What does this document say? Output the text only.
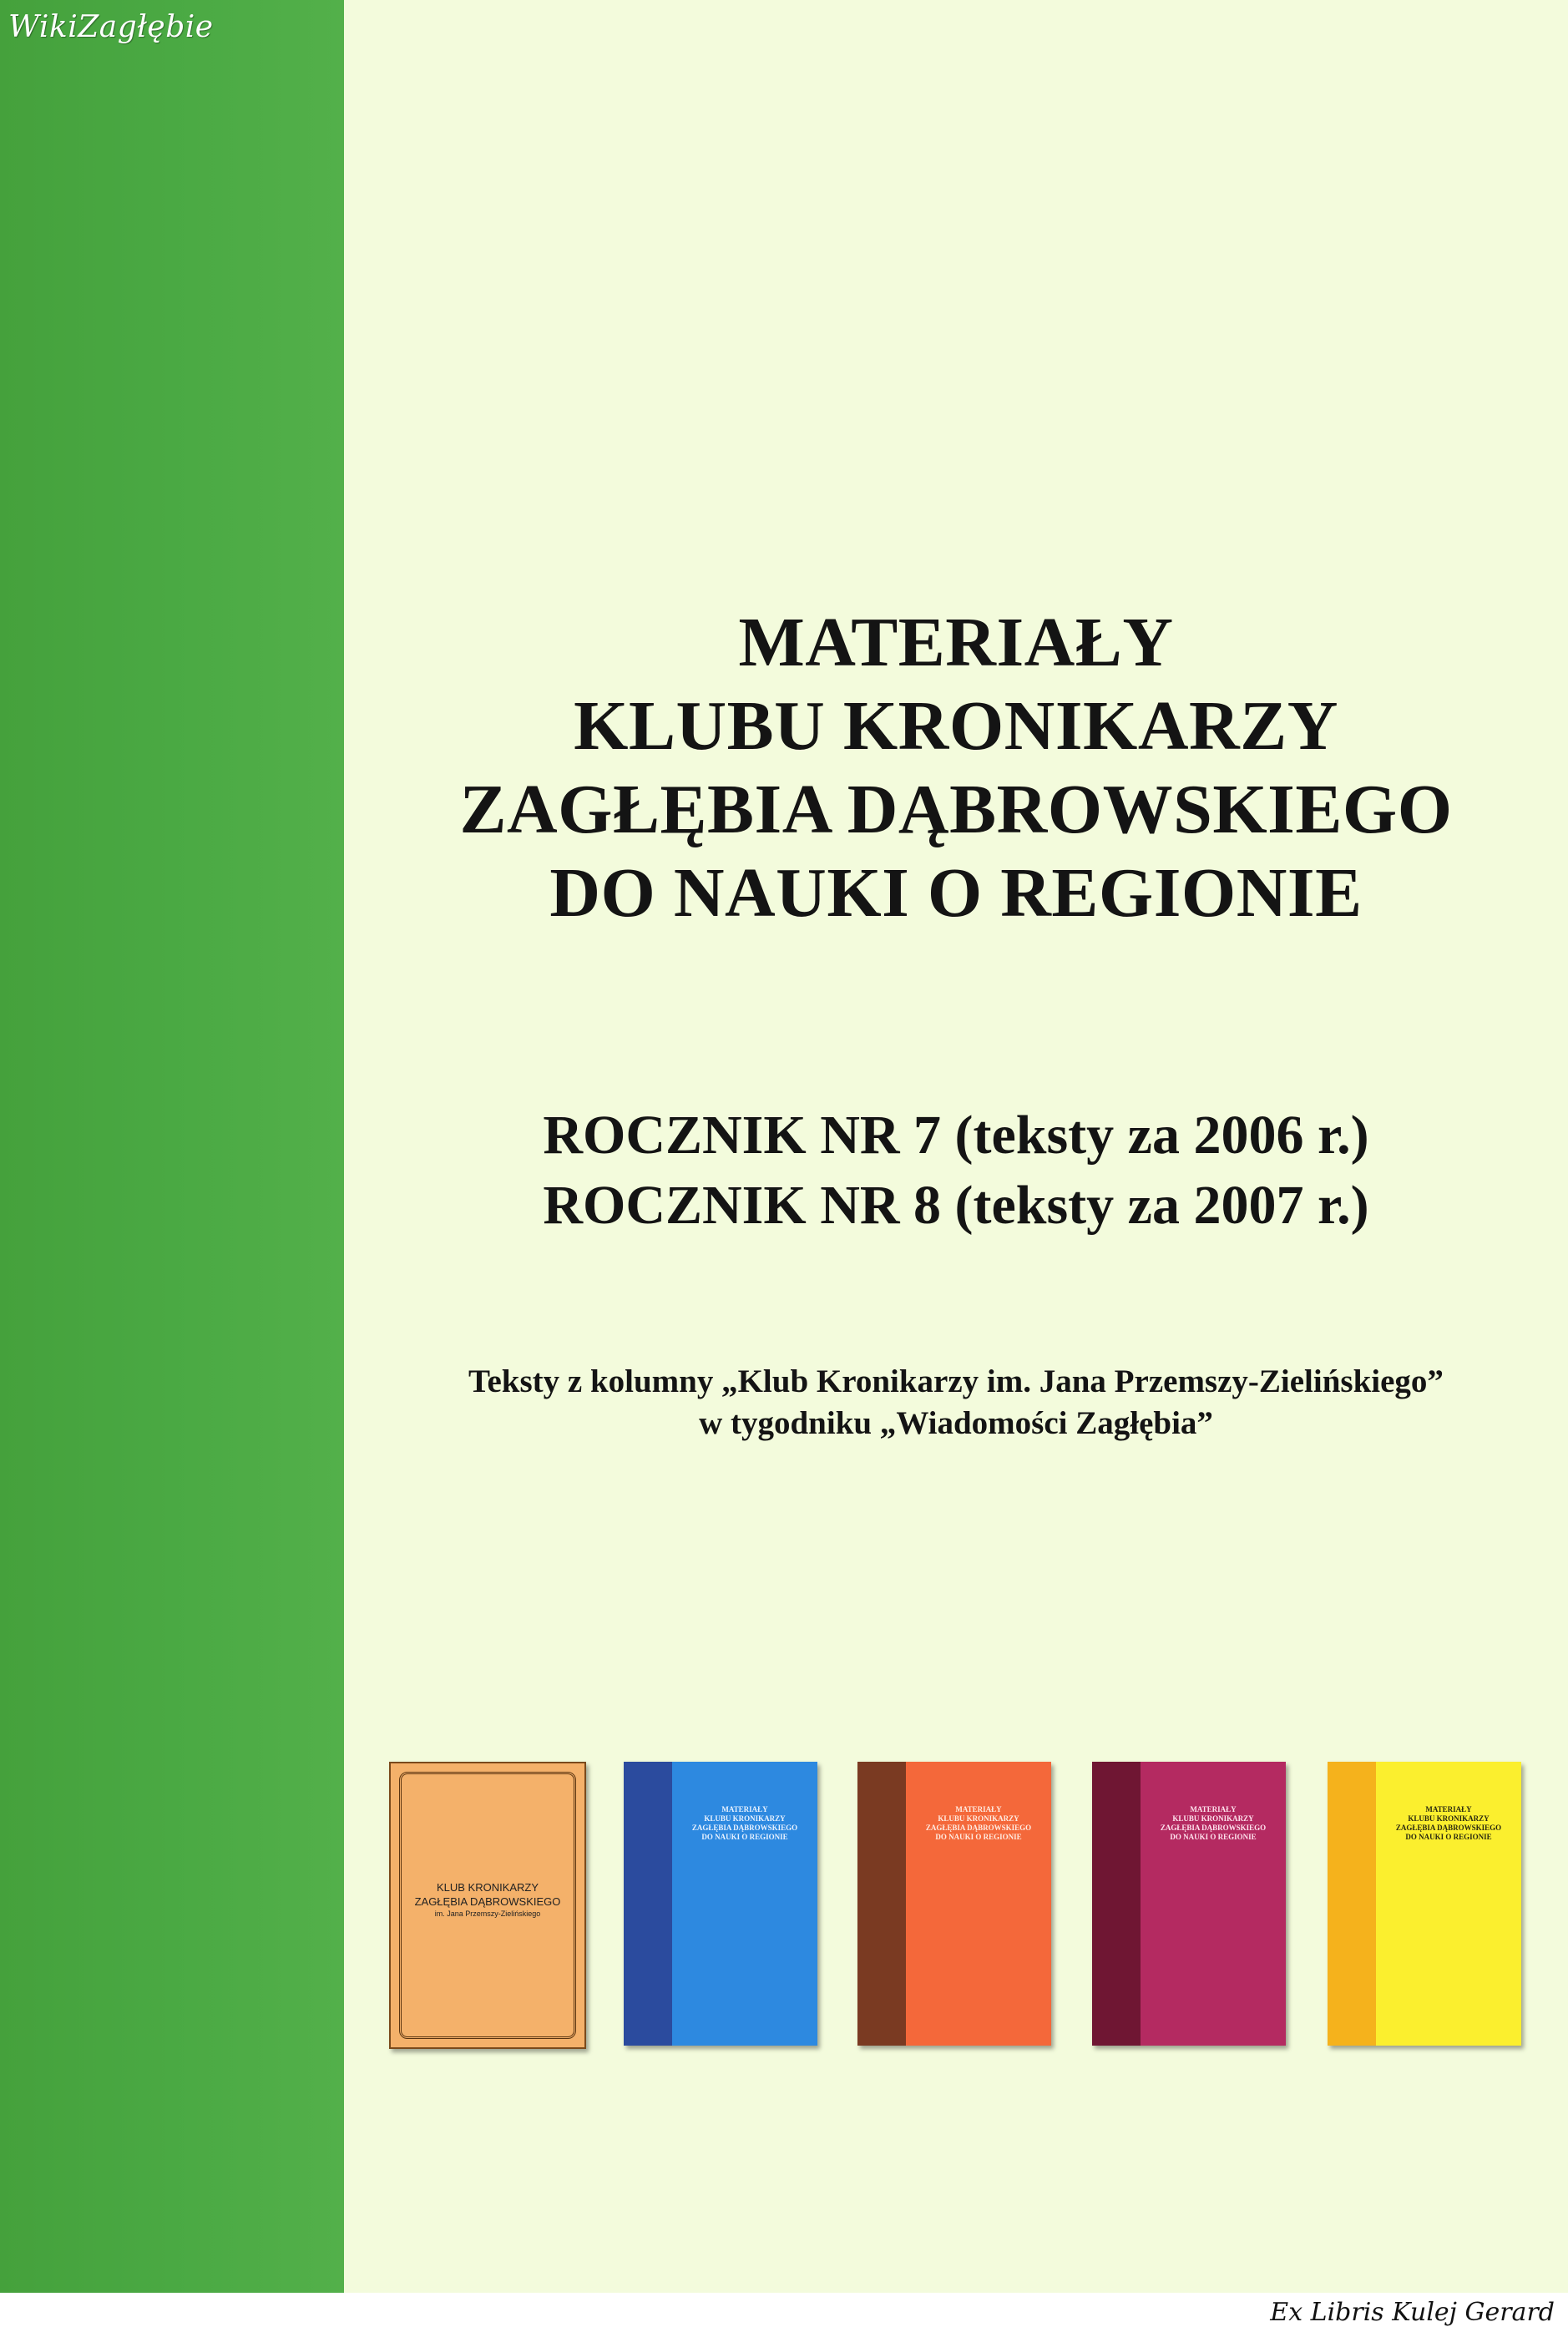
WikiZagłębie
MATERIAŁY
KLUBU KRONIKARZY
ZAGŁĘBIA DĄBROWSKIEGO
DO NAUKI O REGIONIE
ROCZNIK NR 7 (teksty za 2006 r.)
ROCZNIK NR 8 (teksty za 2007 r.)
Teksty z kolumny „Klub Kronikarzy im. Jana Przemszy-Zielińskiego”
w tygodniku „Wiadomości Zagłębia”
KLUB KRONIKARZY
ZAGŁĘBIA DĄBROWSKIEGO
im. Jana Przemszy-Zielińskiego
MATERIAŁY
KLUBU KRONIKARZY
ZAGŁĘBIA DĄBROWSKIEGO
DO NAUKI O REGIONIE
MATERIAŁY
KLUBU KRONIKARZY
ZAGŁĘBIA DĄBROWSKIEGO
DO NAUKI O REGIONIE
MATERIAŁY
KLUBU KRONIKARZY
ZAGŁĘBIA DĄBROWSKIEGO
DO NAUKI O REGIONIE
MATERIAŁY
KLUBU KRONIKARZY
ZAGŁĘBIA DĄBROWSKIEGO
DO NAUKI O REGIONIE
Ex Libris Kulej Gerard
